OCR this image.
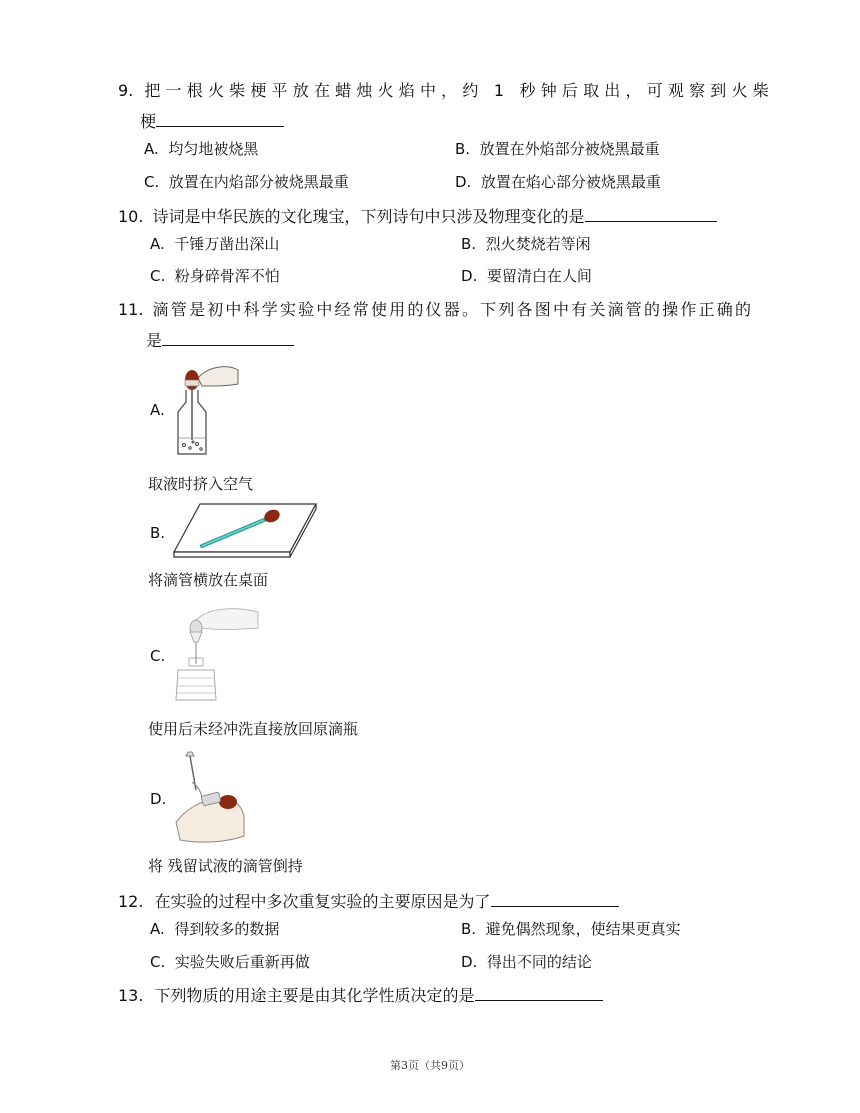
9. 把一根火柴梗平放在蜡烛火焰中，约 1 秒钟后取出，可观察到火柴
梗
A. 均匀地被烧黑	B. 放置在外焰部分被烧黑最重
C. 放置在内焰部分被烧黑最重	D. 放置在焰心部分被烧黑最重
10. 诗词是中华民族的文化瑰宝，下列诗句中只涉及物理变化的是
A. 千锤万凿出深山	B. 烈火焚烧若等闲
C. 粉身碎骨浑不怕	D. 要留清白在人间
11. 滴管是初中科学实验中经常使用的仪器。下列各图中有关滴管的操作正确的
是
A.
取液时挤入空气
B.
将滴管横放在桌面
C.
使用后未经冲洗直接放回原滴瓶
D.
将 残留试液的滴管倒持
12. 在实验的过程中多次重复实验的主要原因是为了
A. 得到较多的数据	B. 避免偶然现象，使结果更真实
C. 实验失败后重新再做	D. 得出不同的结论
13. 下列物质的用途主要是由其化学性质决定的是
第3页（共9页）
